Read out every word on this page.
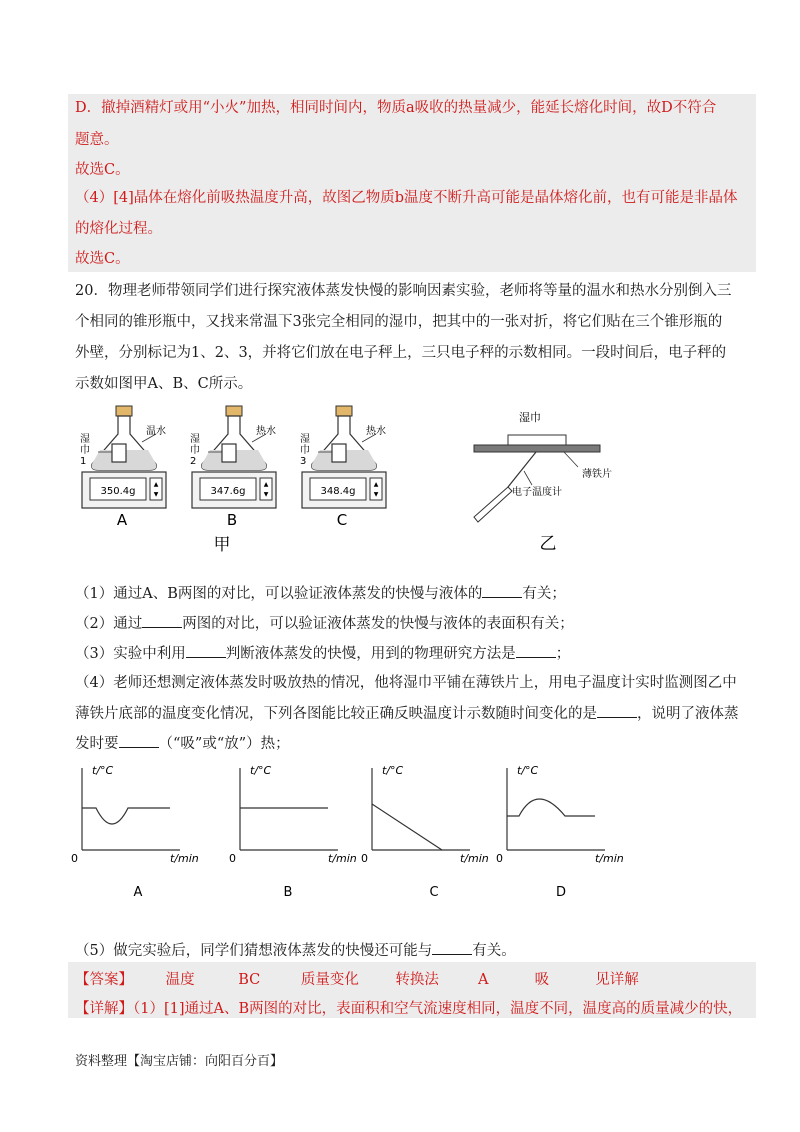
D．撤掉酒精灯或用“小火”加热，相同时间内，物质a吸收的热量减少，能延长熔化时间，故D不符合
题意。
故选C。
（4）[4]晶体在熔化前吸热温度升高，故图乙物质b温度不断升高可能是晶体熔化前，也有可能是非晶体
的熔化过程。
故选C。
20．物理老师带领同学们进行探究液体蒸发快慢的影响因素实验，老师将等量的温水和热水分别倒入三个相同的锥形瓶中，又找来常温下3张完全相同的湿巾，把其中的一张对折，将它们贴在三个锥形瓶的外壁，分别标记为1、2、3，并将它们放在电子秤上，三只电子秤的示数相同。一段时间后，电子秤的示数如图甲A、B、C所示。
湿
巾
1
温水
350.4g
▲
▼
A
湿
巾
2
热水
347.6g
▲
▼
B
甲
湿
巾
3
热水
348.4g
▲
▼
C
湿巾
薄铁片
电子温度计
乙
（1）通过A、B两图的对比，可以验证液体蒸发的快慢与液体的	有关；
（2）通过	两图的对比，可以验证液体蒸发的快慢与液体的表面积有关；
（3）实验中利用	判断液体蒸发的快慢，用到的物理研究方法是	；
（4）老师还想测定液体蒸发时吸放热的情况，他将湿巾平铺在薄铁片上，用电子温度计实时监测图乙中
薄铁片底部的温度变化情况，下列各图能比较正确反映温度计示数随时间变化的是	，说明了液体蒸
发时要	（“吸”或“放”）热；
t/°C
0	t/min
A
t/°C
0	t/min
B
t/°C
0	t/min
C
t/°C
0	t/min
D
（5）做完实验后，同学们猜想液体蒸发的快慢还可能与	有关。
【答案】 温度	BC	质量变化	转换法	A	吸	见详解
【详解】（1）[1]通过A、B两图的对比，表面积和空气流速度相同，温度不同，温度高的质量减少的快，
资料整理【淘宝店铺：向阳百分百】
